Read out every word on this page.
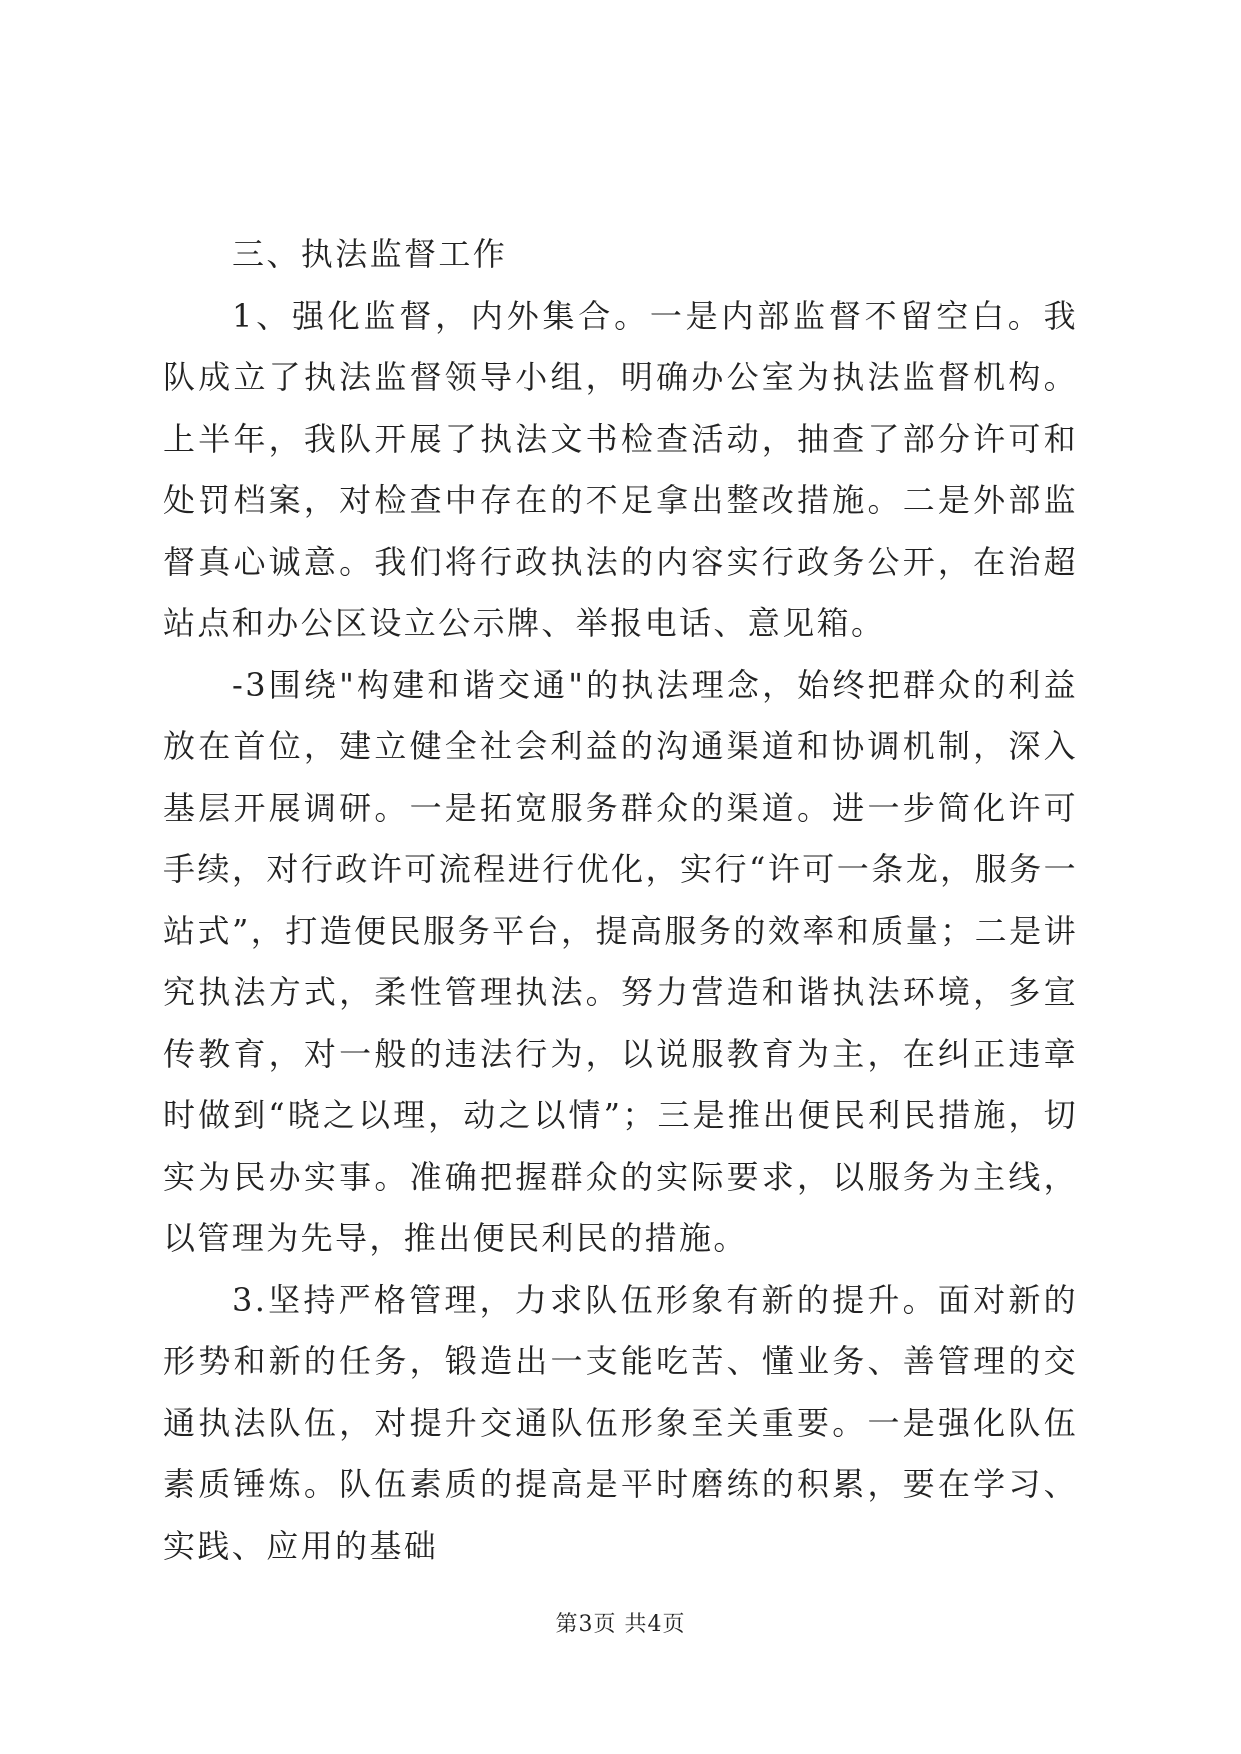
三、执法监督工作

1、强化监督，内外集合。一是内部监督不留空白。我队成立了执法监督领导小组，明确办公室为执法监督机构。上半年，我队开展了执法文书检查活动，抽查了部分许可和处罚档案，对检查中存在的不足拿出整改措施。二是外部监督真心诚意。我们将行政执法的内容实行政务公开，在治超站点和办公区设立公示牌、举报电话、意见箱。

-3围绕"构建和谐交通"的执法理念，始终把群众的利益放在首位，建立健全社会利益的沟通渠道和协调机制，深入基层开展调研。一是拓宽服务群众的渠道。进一步简化许可手续，对行政许可流程进行优化，实行“许可一条龙，服务一站式”，打造便民服务平台，提高服务的效率和质量；二是讲究执法方式，柔性管理执法。努力营造和谐执法环境，多宣传教育，对一般的违法行为，以说服教育为主，在纠正违章时做到“晓之以理，动之以情”；三是推出便民利民措施，切实为民办实事。准确把握群众的实际要求，以服务为主线，以管理为先导，推出便民利民的措施。

3.坚持严格管理，力求队伍形象有新的提升。面对新的形势和新的任务，锻造出一支能吃苦、懂业务、善管理的交通执法队伍，对提升交通队伍形象至关重要。一是强化队伍素质锤炼。队伍素质的提高是平时磨练的积累，要在学习、实践、应用的基础

第3页 共4页
